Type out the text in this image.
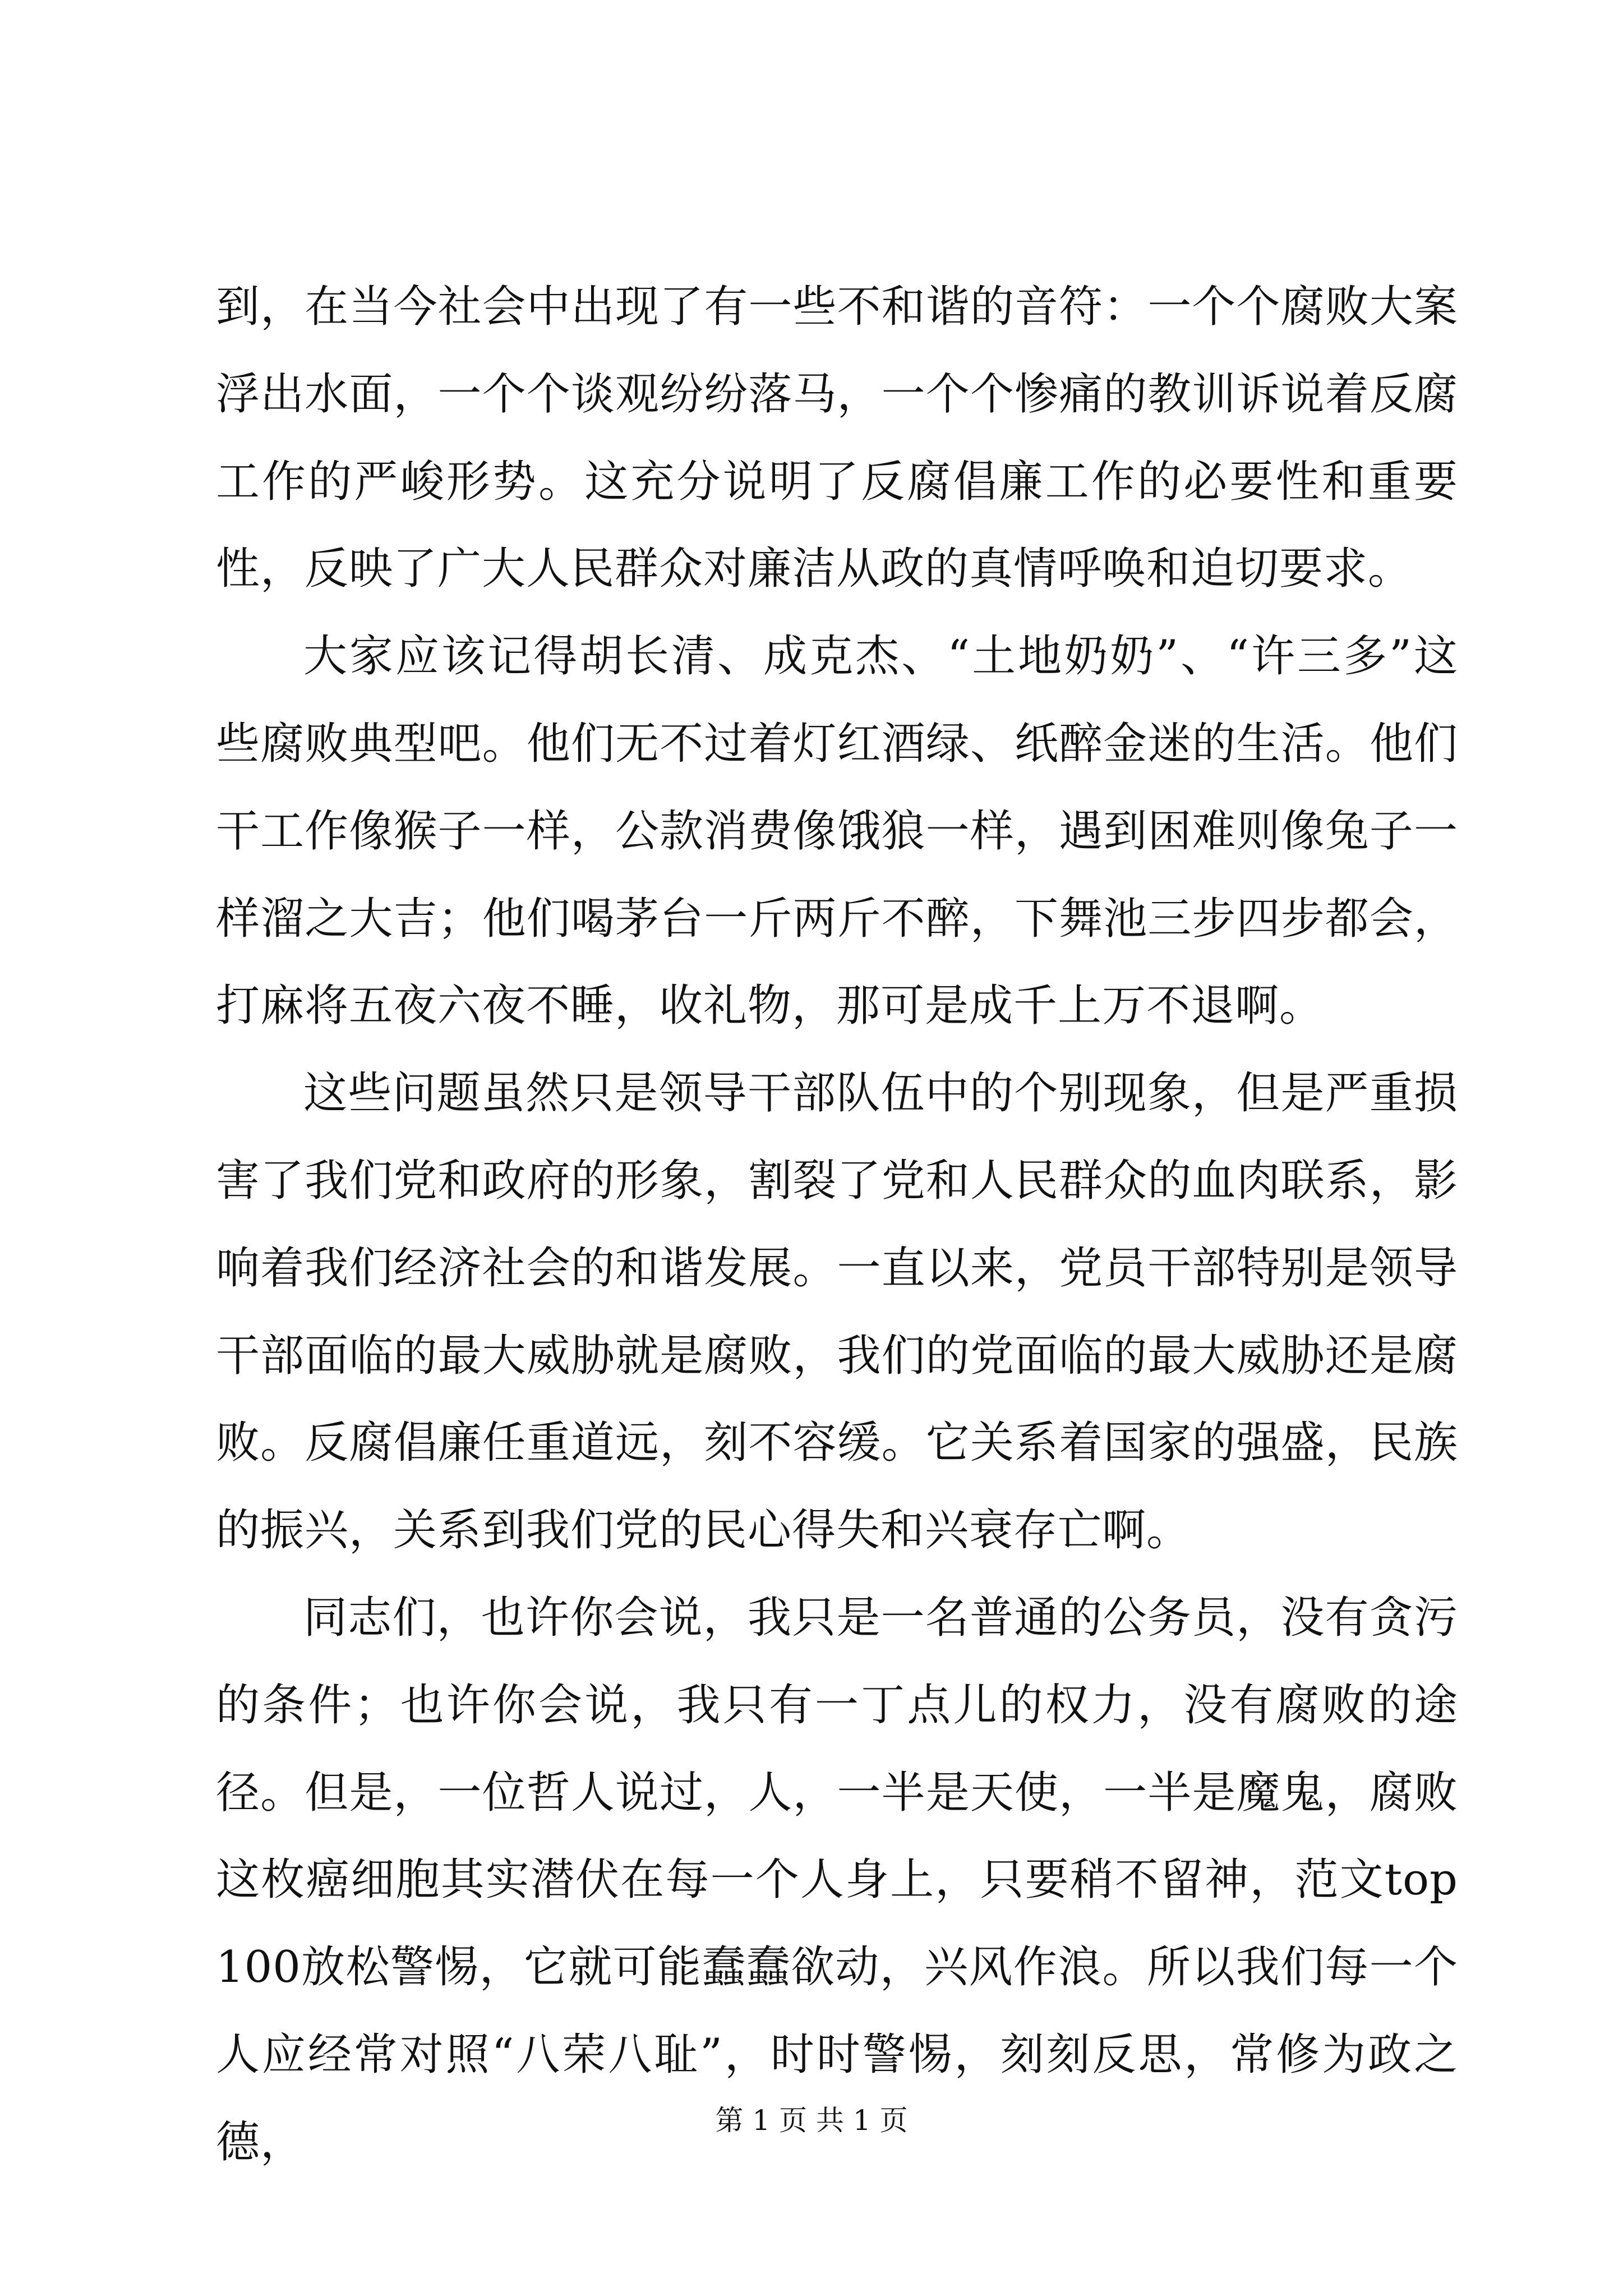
到，在当今社会中出现了有一些不和谐的音符：一个个腐败大案浮出水面，一个个谈观纷纷落马，一个个惨痛的教训诉说着反腐工作的严峻形势。这充分说明了反腐倡廉工作的必要性和重要性，反映了广大人民群众对廉洁从政的真情呼唤和迫切要求。

大家应该记得胡长清、成克杰、“土地奶奶”、“许三多”这些腐败典型吧。他们无不过着灯红酒绿、纸醉金迷的生活。他们干工作像猴子一样，公款消费像饿狼一样，遇到困难则像兔子一样溜之大吉；他们喝茅台一斤两斤不醉，下舞池三步四步都会，打麻将五夜六夜不睡，收礼物，那可是成千上万不退啊。

这些问题虽然只是领导干部队伍中的个别现象，但是严重损害了我们党和政府的形象，割裂了党和人民群众的血肉联系，影响着我们经济社会的和谐发展。一直以来，党员干部特别是领导干部面临的最大威胁就是腐败，我们的党面临的最大威胁还是腐败。反腐倡廉任重道远，刻不容缓。它关系着国家的强盛，民族的振兴，关系到我们党的民心得失和兴衰存亡啊。

同志们，也许你会说，我只是一名普通的公务员，没有贪污的条件；也许你会说，我只有一丁点儿的权力，没有腐败的途径。但是，一位哲人说过，人，一半是天使，一半是魔鬼，腐败这枚癌细胞其实潜伏在每一个人身上，只要稍不留神，范文top100放松警惕，它就可能蠢蠢欲动，兴风作浪。所以我们每一个人应经常对照“八荣八耻”，时时警惕，刻刻反思，常修为政之德，	第 1 页 共 1 页
